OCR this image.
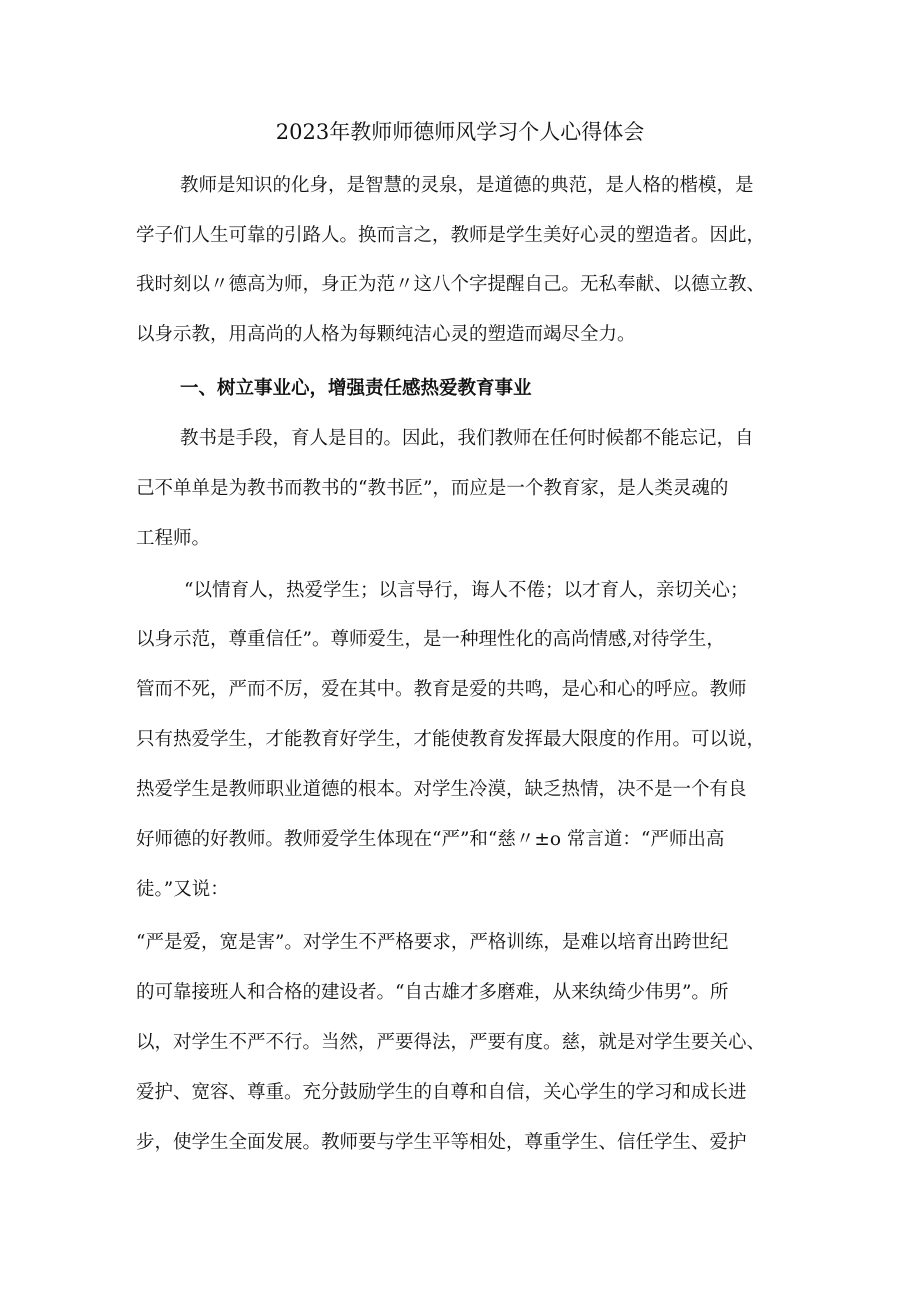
2023年教师师德师风学习个人心得体会
教师是知识的化身，是智慧的灵泉，是道德的典范，是人格的楷模，是
学子们人生可靠的引路人。换而言之，教师是学生美好心灵的塑造者。因此，
我时刻以〃德高为师，身正为范〃这八个字提醒自己。无私奉献、以德立教、
以身示教，用高尚的人格为每颗纯洁心灵的塑造而竭尽全力。
一、树立事业心，增强责任感热爱教育事业
教书是手段，育人是目的。因此，我们教师在任何时候都不能忘记，自
己不单单是为教书而教书的“教书匠”，而应是一个教育家，是人类灵魂的
工程师。
“以情育人，热爱学生；以言导行，诲人不倦；以才育人，亲切关心；
以身示范，尊重信任”。尊师爱生，是一种理性化的高尚情感,对待学生，
管而不死，严而不厉，爱在其中。教育是爱的共鸣，是心和心的呼应。教师
只有热爱学生，才能教育好学生，才能使教育发挥最大限度的作用。可以说，
热爱学生是教师职业道德的根本。对学生冷漠，缺乏热情，决不是一个有良
好师德的好教师。教师爱学生体现在“严”和“慈〃±o 常言道：“严师出高
徒。”又说：
“严是爱，宽是害”。对学生不严格要求，严格训练，是难以培育出跨世纪
的可靠接班人和合格的建设者。“自古雄才多磨难，从来纨绮少伟男”。所
以，对学生不严不行。当然，严要得法，严要有度。慈，就是对学生要关心、
爱护、宽容、尊重。充分鼓励学生的自尊和自信，关心学生的学习和成长进
步，使学生全面发展。教师要与学生平等相处，尊重学生、信任学生、爱护
